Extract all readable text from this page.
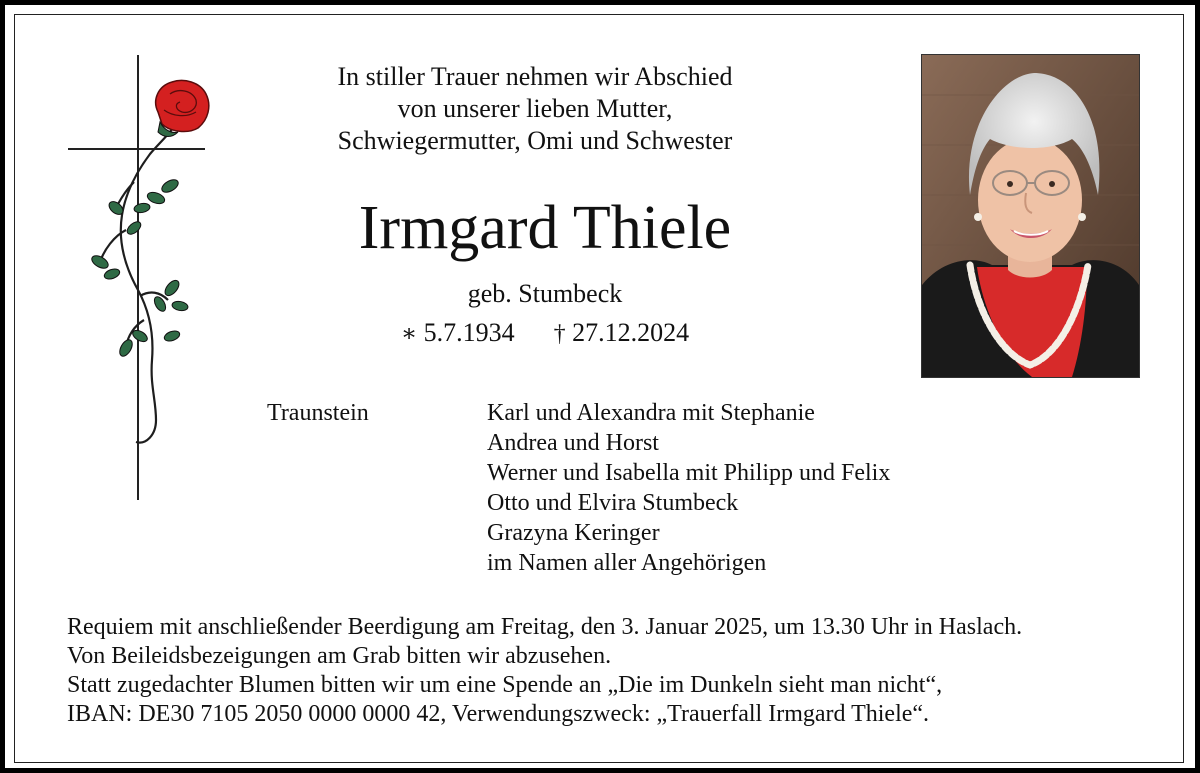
In stiller Trauer nehmen wir Abschied
von unserer lieben Mutter,
Schwiegermutter, Omi und Schwester
Irmgard Thiele
geb. Stumbeck
∗ 5.7.1934 † 27.12.2024
Traunstein	Karl und Alexandra mit Stephanie
Andrea und Horst
Werner und Isabella mit Philipp und Felix
Otto und Elvira Stumbeck
Grazyna Keringer
im Namen aller Angehörigen
Requiem mit anschließender Beerdigung am Freitag, den 3. Januar 2025, um 13.30 Uhr in Haslach.
Von Beileidsbezeigungen am Grab bitten wir abzusehen.
Statt zugedachter Blumen bitten wir um eine Spende an „Die im Dunkeln sieht man nicht“,
IBAN: DE30 7105 2050 0000 0000 42, Verwendungszweck: „Trauerfall Irmgard Thiele“.
